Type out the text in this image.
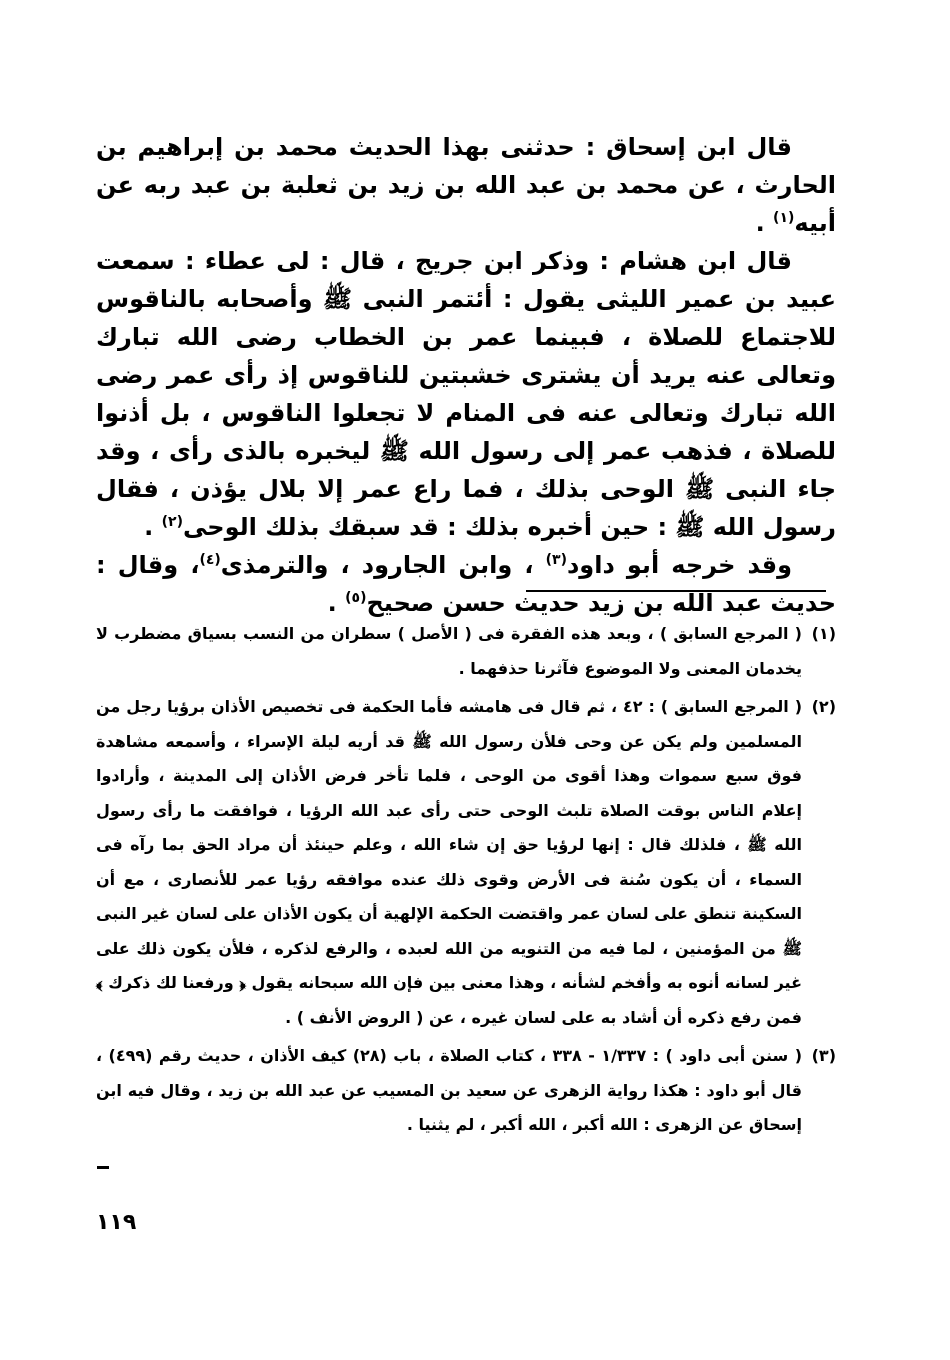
قال ابن إسحاق : حدثنى بهذا الحديث محمد بن إبراهيم بن الحارث ، عن محمد بن عبد الله بن زيد بن ثعلبة بن عبد ربه عن أبيه$^{(١)}$ .

قال ابن هشام : وذكر ابن جريج ، قال : لى عطاء : سمعت عبيد بن عمير الليثى يقول : أئتمر النبى ﷺ وأصحابه بالناقوس للاجتماع للصلاة ، فبينما عمر بن الخطاب رضى الله تبارك وتعالى عنه يريد أن يشترى خشبتين للناقوس إذ رأى عمر رضى الله تبارك وتعالى عنه فى المنام لا تجعلوا الناقوس ، بل أذنوا للصلاة ، فذهب عمر إلى رسول الله ﷺ ليخبره بالذى رأى ، وقد جاء النبى ﷺ الوحى بذلك ، فما راع عمر إلا بلال يؤذن ، فقال رسول الله ﷺ : حين أخبره بذلك : قد سبقك بذلك الوحى$^{(٢)}$ .

وقد خرجه أبو داود$^{(٣)}$ ، وابن الجارود ، والترمذى$^{(٤)}$، وقال : حديث عبد الله بن زيد حديث حسن صحيح$^{(٥)}$ .

(١)
( المرجع السابق ) ، وبعد هذه الفقرة فى ( الأصل ) سطران من النسب بسياق مضطرب لا يخدمان المعنى ولا الموضوع فآثرنا حذفهما .
(٢)
( المرجع السابق ) : ٤٢ ، ثم قال فى هامشه فأما الحكمة فى تخصيص الأذان برؤيا رجل من المسلمين ولم يكن عن وحى فلأن رسول الله ﷺ قد أريه ليلة الإسراء ، وأسمعه مشاهدة فوق سبع سموات وهذا أقوى من الوحى ، فلما تأخر فرض الأذان إلى المدينة ، وأرادوا إعلام الناس بوقت الصلاة تلبث الوحى حتى رأى عبد الله الرؤيا ، فوافقت ما رأى رسول الله ﷺ ، فلذلك قال : إنها لرؤيا حق إن شاء الله ، وعلم حينئذ أن مراد الحق بما رآه فى السماء ، أن يكون سُنة فى الأرض وقوى ذلك عنده موافقه رؤيا عمر للأنصارى ، مع أن السكينة تنطق على لسان عمر واقتضت الحكمة الإلهية أن يكون الأذان على لسان غير النبى ﷺ من المؤمنين ، لما فيه من التنويه من الله لعبده ، والرفع لذكره ، فلأن يكون ذلك على غير لسانه أنوه به وأفخم لشأنه ، وهذا معنى بين فإن الله سبحانه يقول ﴿ ورفعنا لك ذكرك ﴾ فمن رفع ذكره أن أشاد به على لسان غيره ، عن ( الروض الأنف ) .
(٣)
( سنن أبى داود ) : ١/٣٣٧ - ٣٣٨ ، كتاب الصلاة ، باب (٢٨) كيف الأذان ، حديث رقم (٤٩٩) ، قال أبو داود : هكذا رواية الزهرى عن سعيد بن المسيب عن عبد الله بن زيد ، وقال فيه ابن إسحاق عن الزهرى : الله أكبر ، الله أكبر ، لم يثنيا .
١١٩
